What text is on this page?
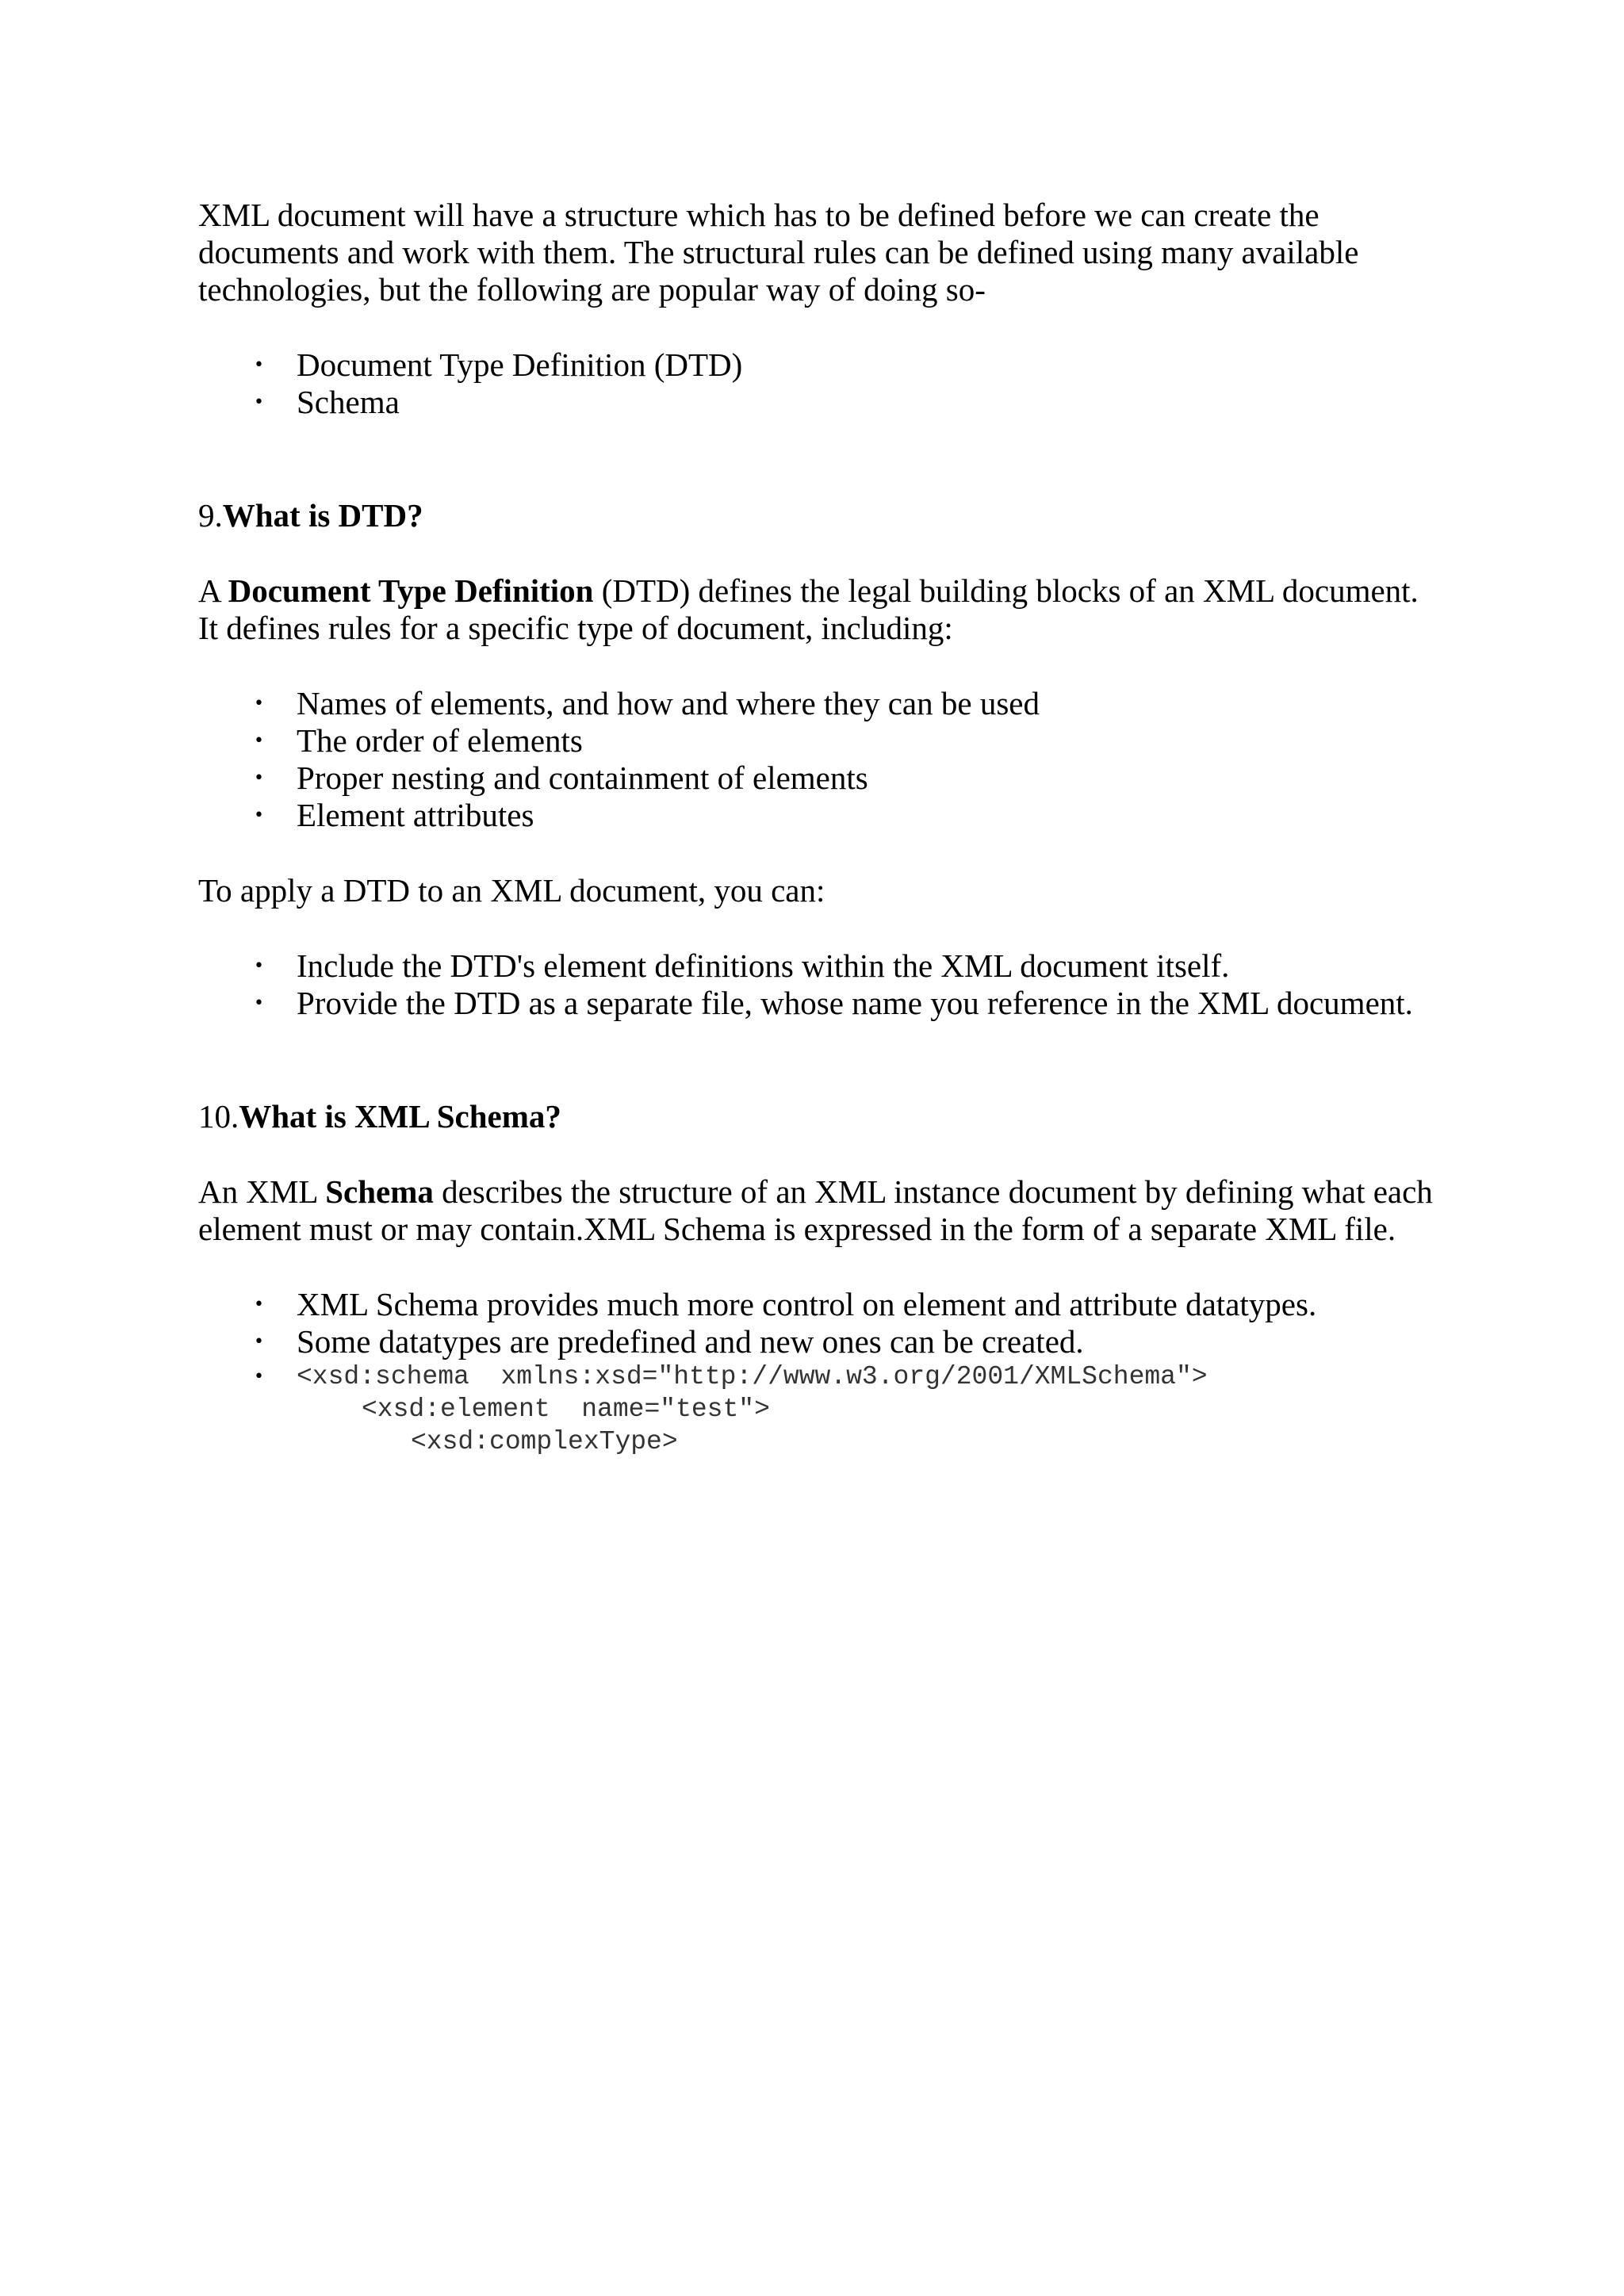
XML document will have a structure which has to be defined before we can create the documents and work with them. The structural rules can be defined using many available technologies, but the following are popular way of doing so-

• Document Type Definition (DTD)
• Schema

9.What is DTD?

A Document Type Definition (DTD) defines the legal building blocks of an XML document. It defines rules for a specific type of document, including:

• Names of elements, and how and where they can be used
• The order of elements
• Proper nesting and containment of elements
• Element attributes

To apply a DTD to an XML document, you can:

• Include the DTD's element definitions within the XML document itself.
• Provide the DTD as a separate file, whose name you reference in the XML document.

10.What is XML Schema?

An XML Schema describes the structure of an XML instance document by defining what each element must or may contain.XML Schema is expressed in the form of a separate XML file.

• XML Schema provides much more control on element and attribute datatypes.
• Some datatypes are predefined and new ones can be created.
• <xsd:schema  xmlns:xsd="http://www.w3.org/2001/XMLSchema">
<xsd:element  name="test">
<xsd:complexType>
